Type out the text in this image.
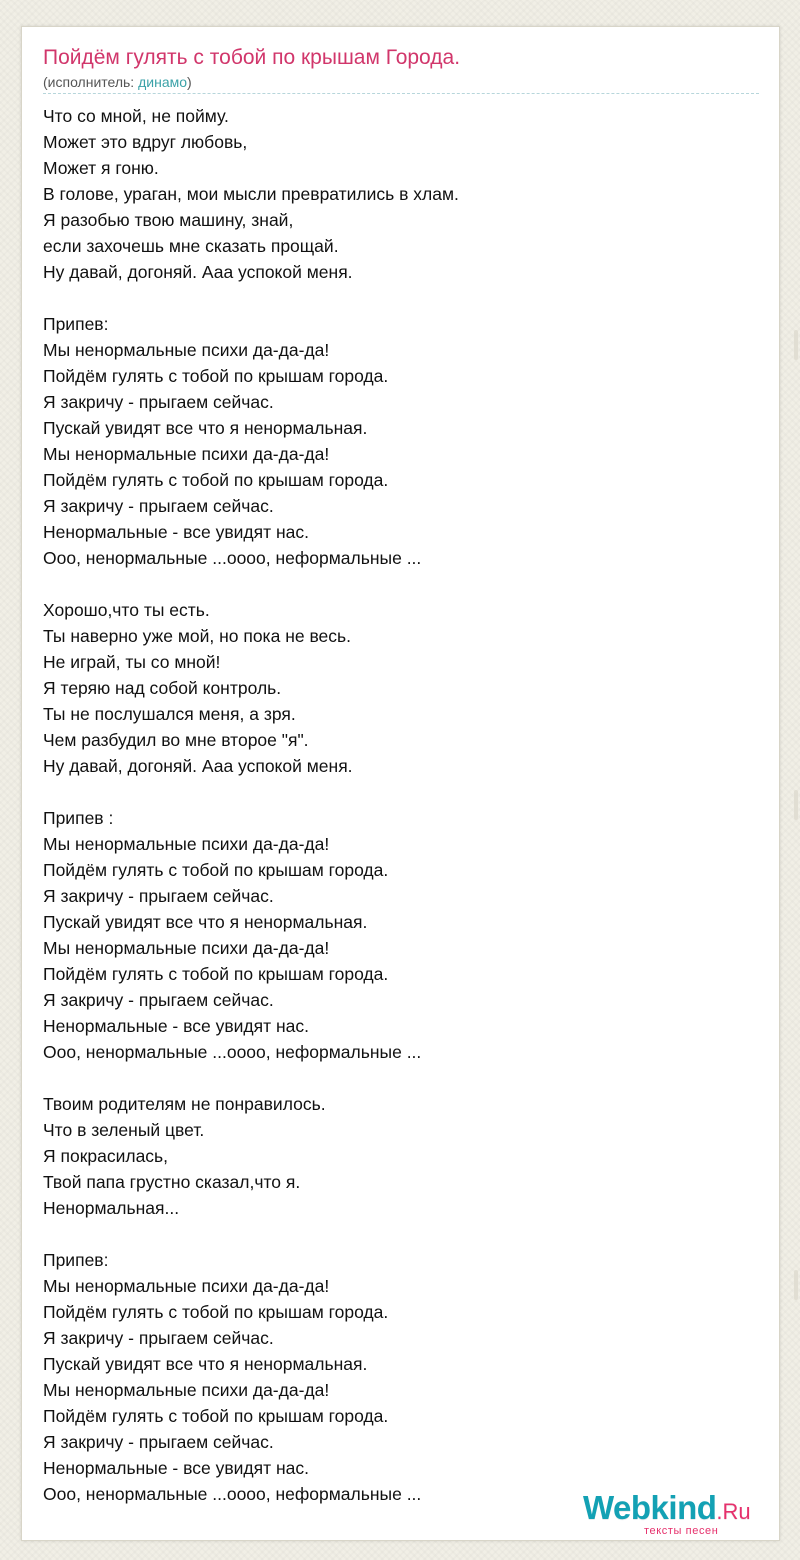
Пойдём гулять с тобой по крышам Города.
(исполнитель: динамо)
Что со мной, не пойму.
Может это вдруг любовь,
Может я гоню.
В голове, ураган, мои мысли превратились в хлам.
Я разобью твою машину, знай,
если захочешь мне сказать прощай.
Ну давай, догоняй. Ааа успокой меня.
Припев:
Мы ненормальные психи да-да-да!
Пойдём гулять с тобой по крышам города.
Я закричу - прыгаем сейчас.
Пускай увидят все что я ненормальная.
Мы ненормальные психи да-да-да!
Пойдём гулять с тобой по крышам города.
Я закричу - прыгаем сейчас.
Ненормальные - все увидят нас.
Ооо, ненормальные ...оооо, неформальные ...
Хорошо,что ты есть.
Ты наверно уже мой, но пока не весь.
Не играй, ты со мной!
Я теряю над собой контроль.
Ты не послушался меня, а зря.
Чем разбудил во мне второе "я".
Ну давай, догоняй. Ааа успокой меня.
Припев :
Мы ненормальные психи да-да-да!
Пойдём гулять с тобой по крышам города.
Я закричу - прыгаем сейчас.
Пускай увидят все что я ненормальная.
Мы ненормальные психи да-да-да!
Пойдём гулять с тобой по крышам города.
Я закричу - прыгаем сейчас.
Ненормальные - все увидят нас.
Ооо, ненормальные ...оооо, неформальные ...
Твоим родителям не понравилось.
Что в зеленый цвет.
Я покрасилась,
Твой папа грустно сказал,что я.
Ненормальная...
Припев:
Мы ненормальные психи да-да-да!
Пойдём гулять с тобой по крышам города.
Я закричу - прыгаем сейчас.
Пускай увидят все что я ненормальная.
Мы ненормальные психи да-да-да!
Пойдём гулять с тобой по крышам города.
Я закричу - прыгаем сейчас.
Ненормальные - все увидят нас.
Ооо, ненормальные ...оооо, неформальные ...	Webkind.Ru
тексты песен
